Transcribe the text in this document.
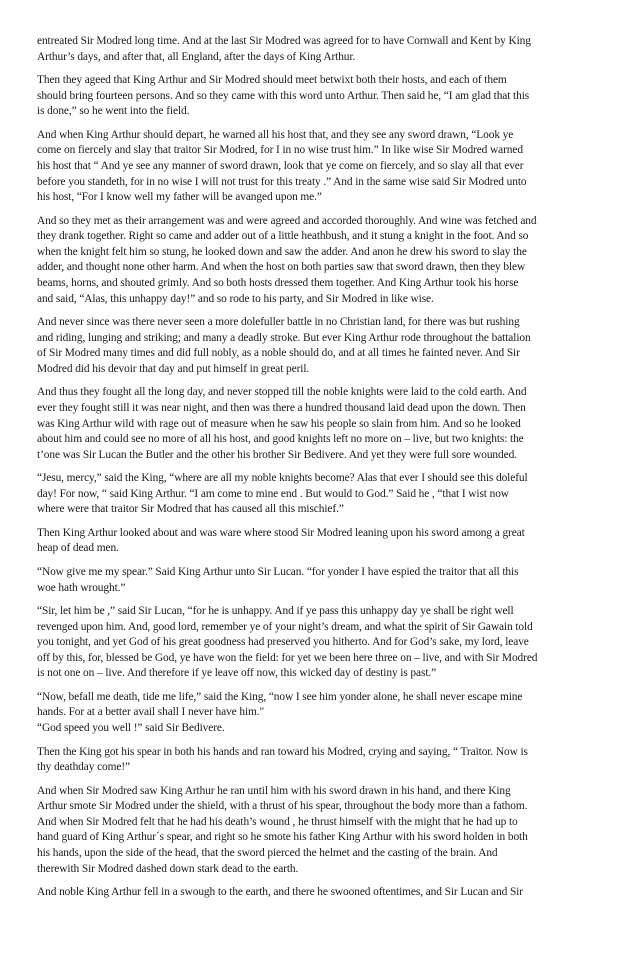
entreated Sir Modred long time. And at the last Sir Modred was agreed for to have Cornwall and Kent by King
Arthur’s days, and after that, all England, after the days of King Arthur.

Then they ageed that King Arthur and Sir Modred should meet betwixt both their hosts, and each of them
should bring fourteen persons. And so they came with this word unto Arthur. Then said he, “I am glad that this
is done,” so he went into the field.

And when King Arthur should depart, he warned all his host that, and they see any sword drawn, “Look ye
come on fiercely and slay that traitor Sir Modred, for I in no wise trust him.” In like wise Sir Modred warned
his host that “ And ye see any manner of sword drawn, look that ye come on fiercely, and so slay all that ever
before you standeth, for in no wise I will not trust for this treaty .” And in the same wise said Sir Modred unto
his host, “For I know well my father will be avanged upon me.”

And so they met as their arrangement was and were agreed and accorded thoroughly. And wine was fetched and
they drank together. Right so came and adder out of a little heathbush, and it stung a knight in the foot. And so
when the knight felt him so stung, he looked down and saw the adder. And anon he drew his sword to slay the
adder, and thought none other harm. And when the host on both parties saw that sword drawn, then they blew
beams, horns, and shouted grimly. And so both hosts dressed them together. And King Arthur took his horse
and said, “Alas, this unhappy day!” and so rode to his party, and Sir Modred in like wise.

And never since was there never seen a more dolefuller battle in no Christian land, for there was but rushing
and riding, lunging and striking; and many a deadly stroke. But ever King Arthur rode throughout the battalion
of Sir Modred many times and did full nobly, as a noble should do, and at all times he fainted never. And Sir
Modred did his devoir that day and put himself in great peril.

And thus they fought all the long day, and never stopped till the noble knights were laid to the cold earth. And
ever they fought still it was near night, and then was there a hundred thousand laid dead upon the down. Then
was King Arthur wild with rage out of measure when he saw his people so slain from him. And so he looked
about him and could see no more of all his host, and good knights left no more on – live, but two knights: the
t’one was Sir Lucan the Butler and the other his brother Sir Bedivere. And yet they were full sore wounded.

“Jesu, mercy,” said the King, “where are all my noble knights become? Alas that ever I should see this doleful
day! For now, “ said King Arthur. “I am come to mine end . But would to God.” Said he , “that I wist now
where were that traitor Sir Modred that has caused all this mischief.”

Then King Arthur looked about and was ware where stood Sir Modred leaning upon his sword among a great
heap of dead men.

“Now give me my spear.” Said King Arthur unto Sir Lucan. “for yonder I have espied the traitor that all this
woe hath wrought.”

“Sir, let him be ,” said Sir Lucan, “for he is unhappy. And if ye pass this unhappy day ye shall be right well
revenged upon him. And, good lord, remember ye of your night’s dream, and what the spirit of Sir Gawain told
you tonight, and yet God of his great goodness had preserved you hitherto. And for God’s sake, my lord, leave
off by this, for, blessed be God, ye have won the field: for yet we been here three on – live, and with Sir Modred
is not one on – live. And therefore if ye leave off now, this wicked day of destiny is past.”

“Now, befall me death, tide me life,” said the King, “now I see him yonder alone, he shall never escape mine
hands. For at a better avail shall I never have him."
“God speed you well !” said Sir Bedivere.

Then the King got his spear in both his hands and ran toward his Modred, crying and saying, “ Traitor. Now is
thy deathday come!”

And when Sir Modred saw King Arthur he ran until him with his sword drawn in his hand, and there King
Arthur smote Sir Modred under the shield, with a thrust of his spear, throughout the body more than a fathom.
And when Sir Modred felt that he had his death’s wound , he thrust himself with the might that he had up to
hand guard of King Arthur´s spear, and right so he smote his father King Arthur with his sword holden in both
his hands, upon the side of the head, that the sword pierced the helmet and the casting of the brain. And
therewith Sir Modred dashed down stark dead to the earth.

And noble King Arthur fell in a swough to the earth, and there he swooned oftentimes, and Sir Lucan and Sir
